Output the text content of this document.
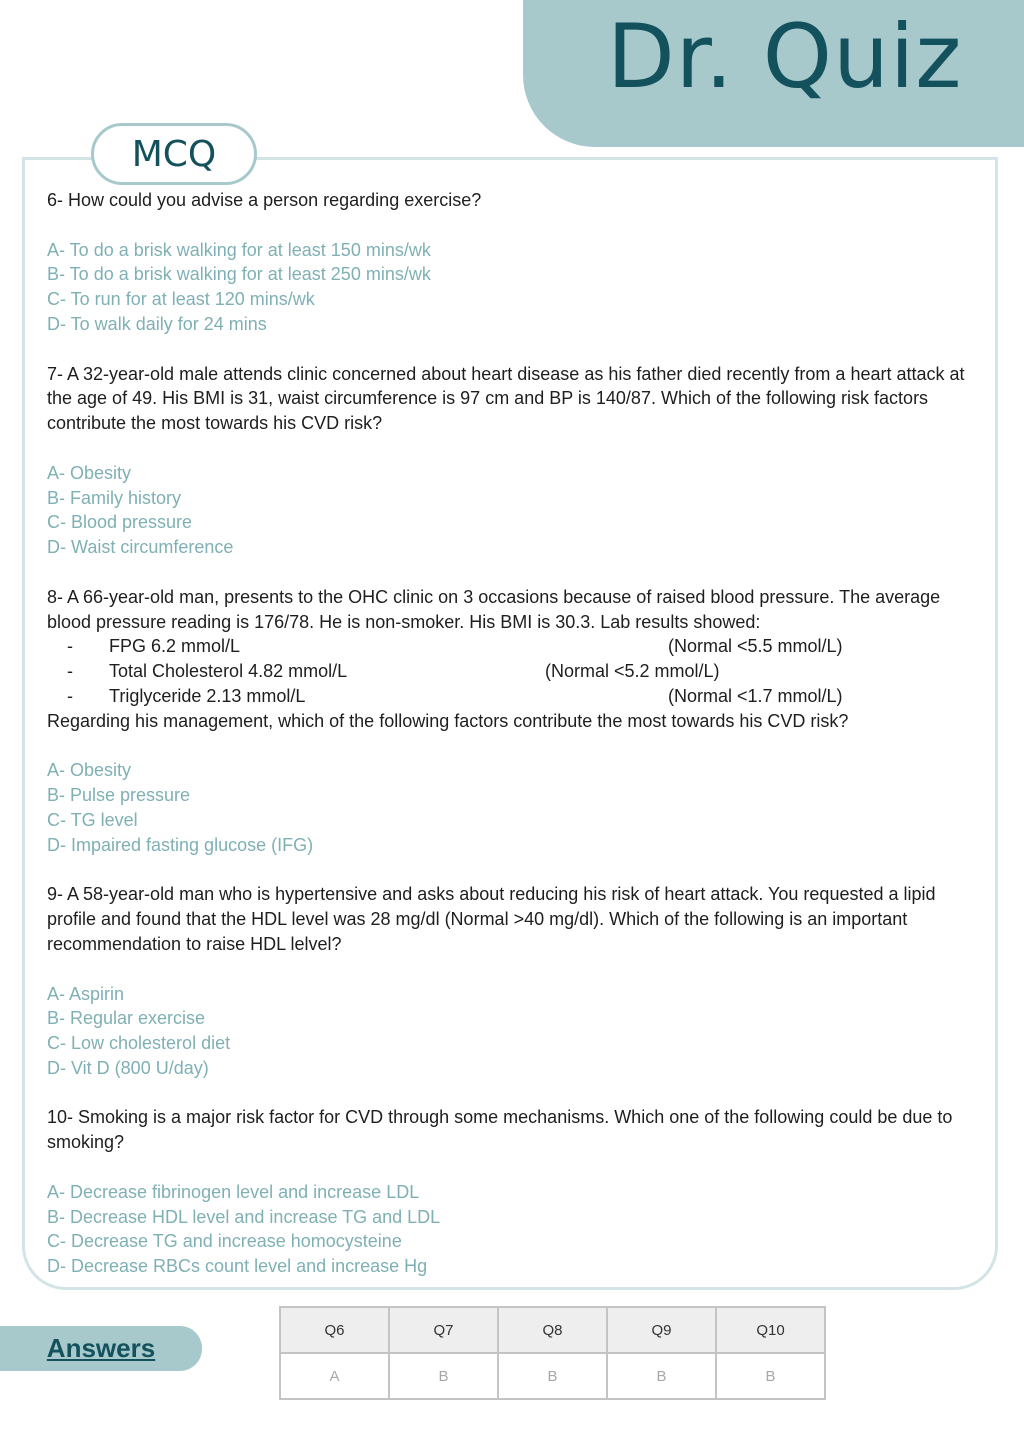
Dr. Quiz
MCQ

6- How could you advise a person regarding exercise?

A- To do a brisk walking for at least 150 mins/wk
B- To do a brisk walking for at least 250 mins/wk
C- To run for at least 120 mins/wk
D- To walk daily for 24 mins

7- A 32-year-old male attends clinic concerned about heart disease as his father died recently from a heart attack at the age of 49. His BMI is 31, waist circumference is 97 cm and BP is 140/87. Which of the following risk factors contribute the most towards his CVD risk?

A- Obesity
B- Family history
C- Blood pressure
D- Waist circumference

8- A 66-year-old man, presents to the OHC clinic on 3 occasions because of raised blood pressure. The average blood pressure reading is 176/78. He is non-smoker. His BMI is 30.3. Lab results showed:

- FPG 6.2 mmol/L	(Normal <5.5 mmol/L)
- Total Cholesterol 4.82 mmol/L	(Normal <5.2 mmol/L)
- Triglyceride 2.13 mmol/L	(Normal <1.7 mmol/L)

Regarding his management, which of the following factors contribute the most towards his CVD risk?

A- Obesity
B- Pulse pressure
C- TG level
D- Impaired fasting glucose (IFG)

9- A 58-year-old man who is hypertensive and asks about reducing his risk of heart attack. You requested a lipid profile and found that the HDL level was 28 mg/dl (Normal >40 mg/dl). Which of the following is an important recommendation to raise HDL lelvel?

A- Aspirin
B- Regular exercise
C- Low cholesterol diet
D- Vit D (800 U/day)

10- Smoking is a major risk factor for CVD through some mechanisms. Which one of the following could be due to smoking?

A- Decrease fibrinogen level and increase LDL
B- Decrease HDL level and increase TG and LDL
C- Decrease TG and increase homocysteine
D- Decrease RBCs count level and increase Hg
Answers
Q6	Q7	Q8	Q9	Q10
A	B	B	B	B
